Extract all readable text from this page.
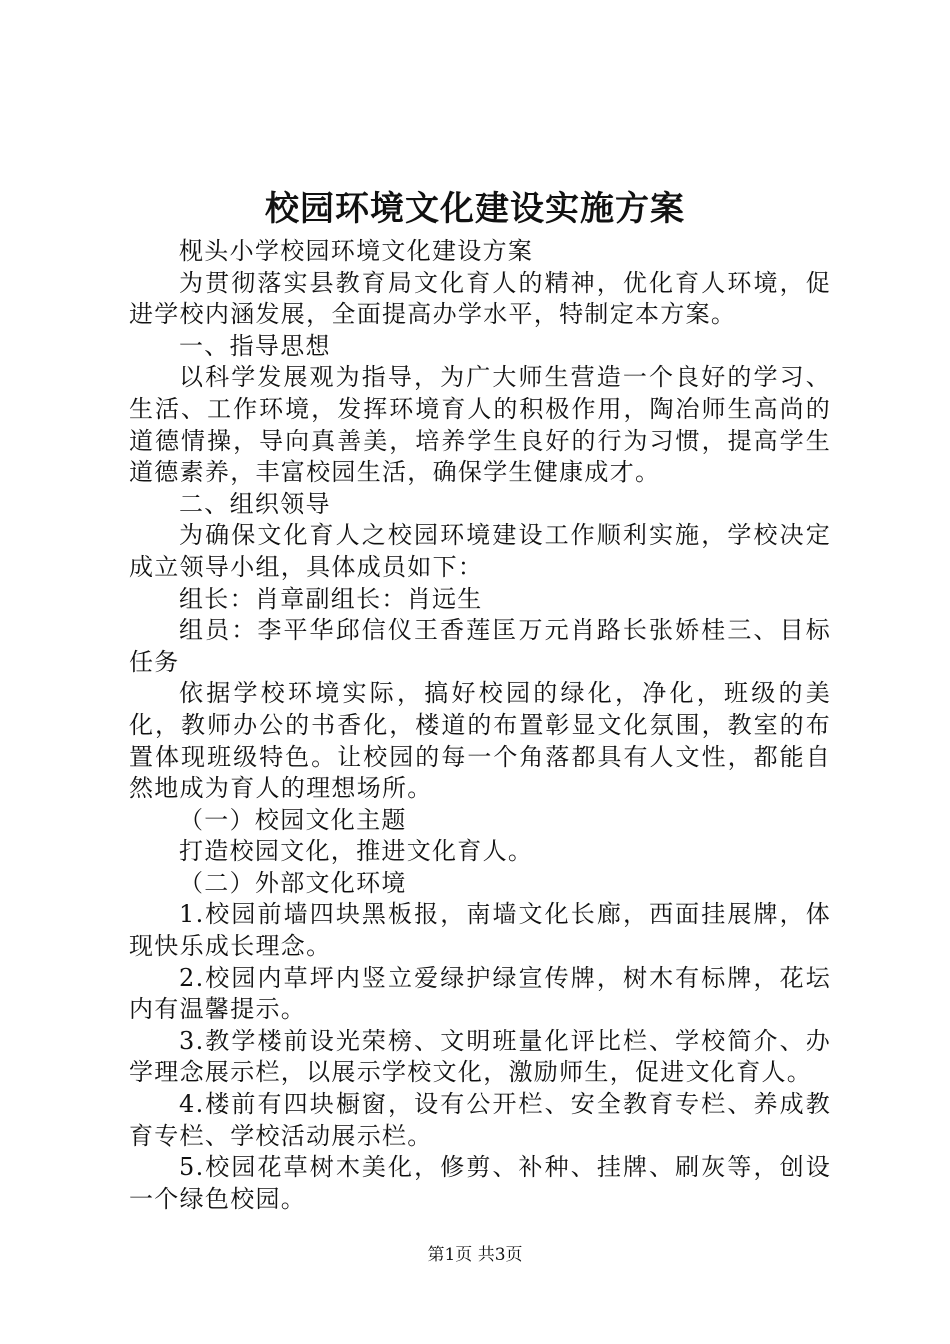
校园环境文化建设实施方案

枧头小学校园环境文化建设方案

为贯彻落实县教育局文化育人的精神，优化育人环境，促进学校内涵发展，全面提高办学水平，特制定本方案。

一、指导思想

以科学发展观为指导，为广大师生营造一个良好的学习、生活、工作环境，发挥环境育人的积极作用，陶冶师生高尚的道德情操，导向真善美，培养学生良好的行为习惯，提高学生道德素养，丰富校园生活，确保学生健康成才。

二、组织领导

为确保文化育人之校园环境建设工作顺利实施，学校决定成立领导小组，具体成员如下：

组长：肖章副组长：肖远生

组员：李平华邱信仪王香莲匡万元肖路长张娇桂三、目标任务

依据学校环境实际，搞好校园的绿化，净化，班级的美化，教师办公的书香化，楼道的布置彰显文化氛围，教室的布置体现班级特色。让校园的每一个角落都具有人文性，都能自然地成为育人的理想场所。

（一）校园文化主题

打造校园文化，推进文化育人。

（二）外部文化环境

1.校园前墙四块黑板报，南墙文化长廊，西面挂展牌，体现快乐成长理念。

2.校园内草坪内竖立爱绿护绿宣传牌，树木有标牌，花坛内有温馨提示。

3.教学楼前设光荣榜、文明班量化评比栏、学校简介、办学理念展示栏，以展示学校文化，激励师生，促进文化育人。

4.楼前有四块橱窗，设有公开栏、安全教育专栏、养成教育专栏、学校活动展示栏。

5.校园花草树木美化，修剪、补种、挂牌、刷灰等，创设一个绿色校园。

第1页 共3页
